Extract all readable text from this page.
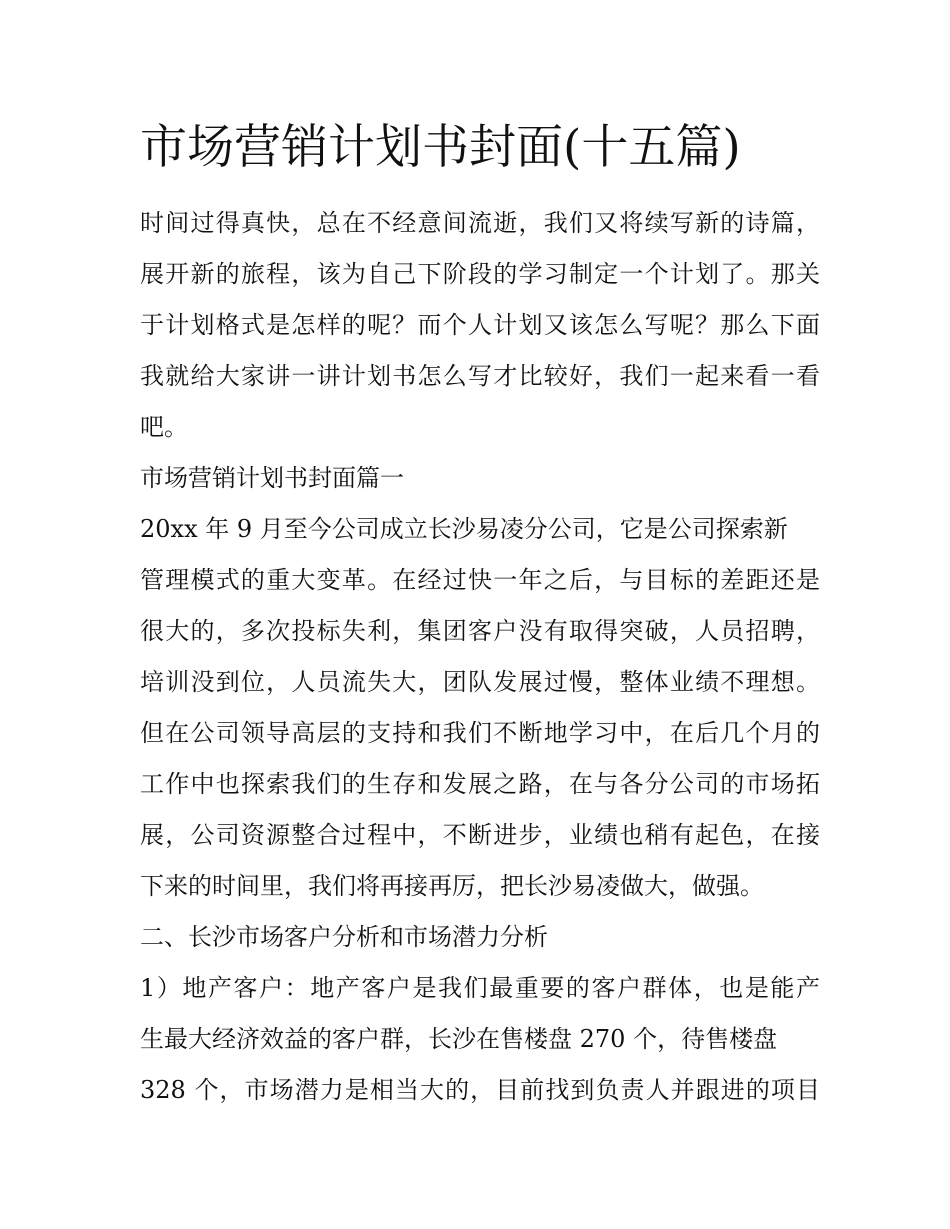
市场营销计划书封面(十五篇)
时间过得真快，总在不经意间流逝，我们又将续写新的诗篇，
展开新的旅程，该为自己下阶段的学习制定一个计划了。那关
于计划格式是怎样的呢？而个人计划又该怎么写呢？那么下面
我就给大家讲一讲计划书怎么写才比较好，我们一起来看一看
吧。
市场营销计划书封面篇一
20xx 年 9 月至今公司成立长沙易凌分公司，它是公司探索新
管理模式的重大变革。在经过快一年之后，与目标的差距还是
很大的，多次投标失利，集团客户没有取得突破，人员招聘，
培训没到位，人员流失大，团队发展过慢，整体业绩不理想。
但在公司领导高层的支持和我们不断地学习中，在后几个月的
工作中也探索我们的生存和发展之路，在与各分公司的市场拓
展，公司资源整合过程中，不断进步，业绩也稍有起色，在接
下来的时间里，我们将再接再厉，把长沙易凌做大，做强。
二、长沙市场客户分析和市场潜力分析
1）地产客户：地产客户是我们最重要的客户群体，也是能产
生最大经济效益的客户群，长沙在售楼盘 270 个，待售楼盘
328 个，市场潜力是相当大的，目前找到负责人并跟进的项目
